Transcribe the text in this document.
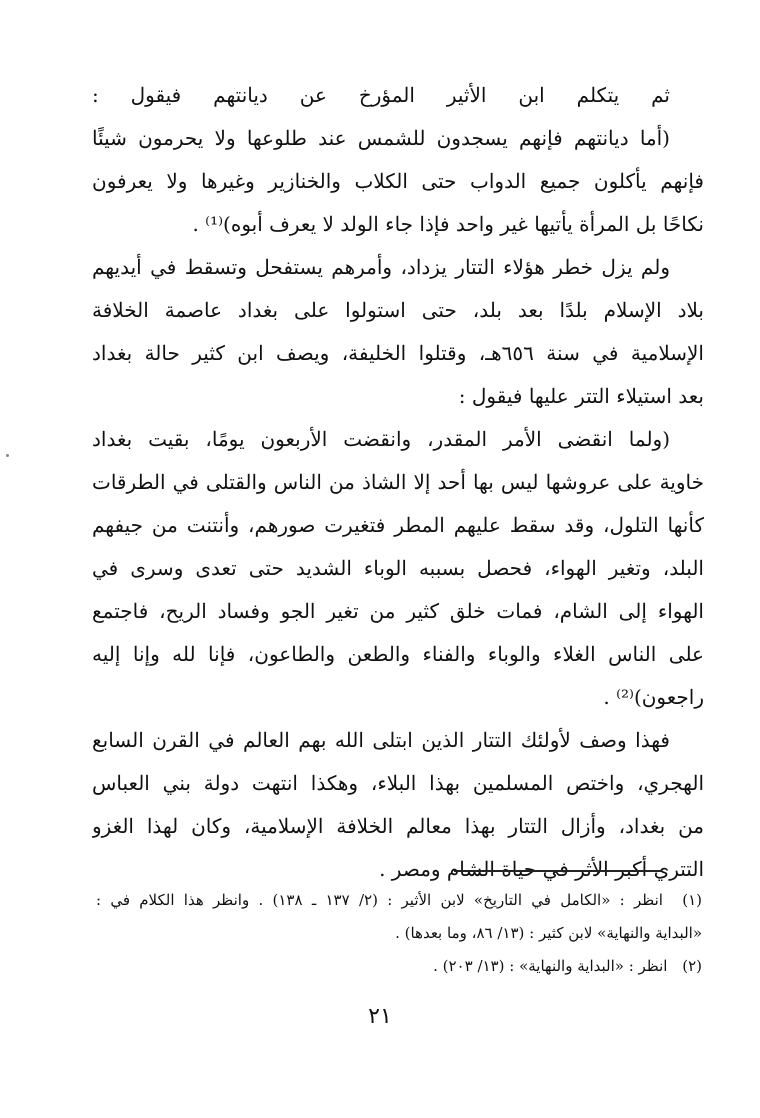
ثم يتكلم ابن الأثير المؤرخ عن ديانتهم فيقول :
(أما ديانتهم فإنهم يسجدون للشمس عند طلوعها ولا يحرمون شيئًا
فإنهم يأكلون جميع الدواب حتى الكلاب والخنازير وغيرها ولا يعرفون
نكاحًا بل المرأة يأتيها غير واحد فإذا جاء الولد لا يعرف أبوه)⁽¹⁾ .
ولم يزل خطر هؤلاء التتار يزداد، وأمرهم يستفحل وتسقط في أيديهم
بلاد الإسلام بلدًا بعد بلد، حتى استولوا على بغداد عاصمة الخلافة
الإسلامية في سنة ٦٥٦هـ، وقتلوا الخليفة، ويصف ابن كثير حالة بغداد
بعد استيلاء التتر عليها فيقول :
(ولما انقضى الأمر المقدر، وانقضت الأربعون يومًا، بقيت بغداد
خاوية على عروشها ليس بها أحد إلا الشاذ من الناس والقتلى في الطرقات
كأنها التلول، وقد سقط عليهم المطر فتغيرت صورهم، وأنتنت من جيفهم
البلد، وتغير الهواء، فحصل بسببه الوباء الشديد حتى تعدى وسرى في
الهواء إلى الشام، فمات خلق كثير من تغير الجو وفساد الريح، فاجتمع
على الناس الغلاء والوباء والفناء والطعن والطاعون، فإنا لله وإنا إليه
راجعون)⁽²⁾ .
فهذا وصف لأولئك التتار الذين ابتلى الله بهم العالم في القرن السابع
الهجري، واختص المسلمين بهذا البلاء، وهكذا انتهت دولة بني العباس
من بغداد، وأزال التتار بهذا معالم الخلافة الإسلامية، وكان لهذا الغزو
التتري أكبر الأثر في حياة الشام ومصر .
(١) انظر : «الكامل في التاريخ» لابن الأثير : (٢/ ١٣٧ ـ ١٣٨) . وانظر هذا الكلام في :
«البداية والنهاية» لابن كثير : (١٣/ ٨٦، وما بعدها) .
(٢) انظر : «البداية والنهاية» : (١٣/ ٢٠٣) .
٢١
